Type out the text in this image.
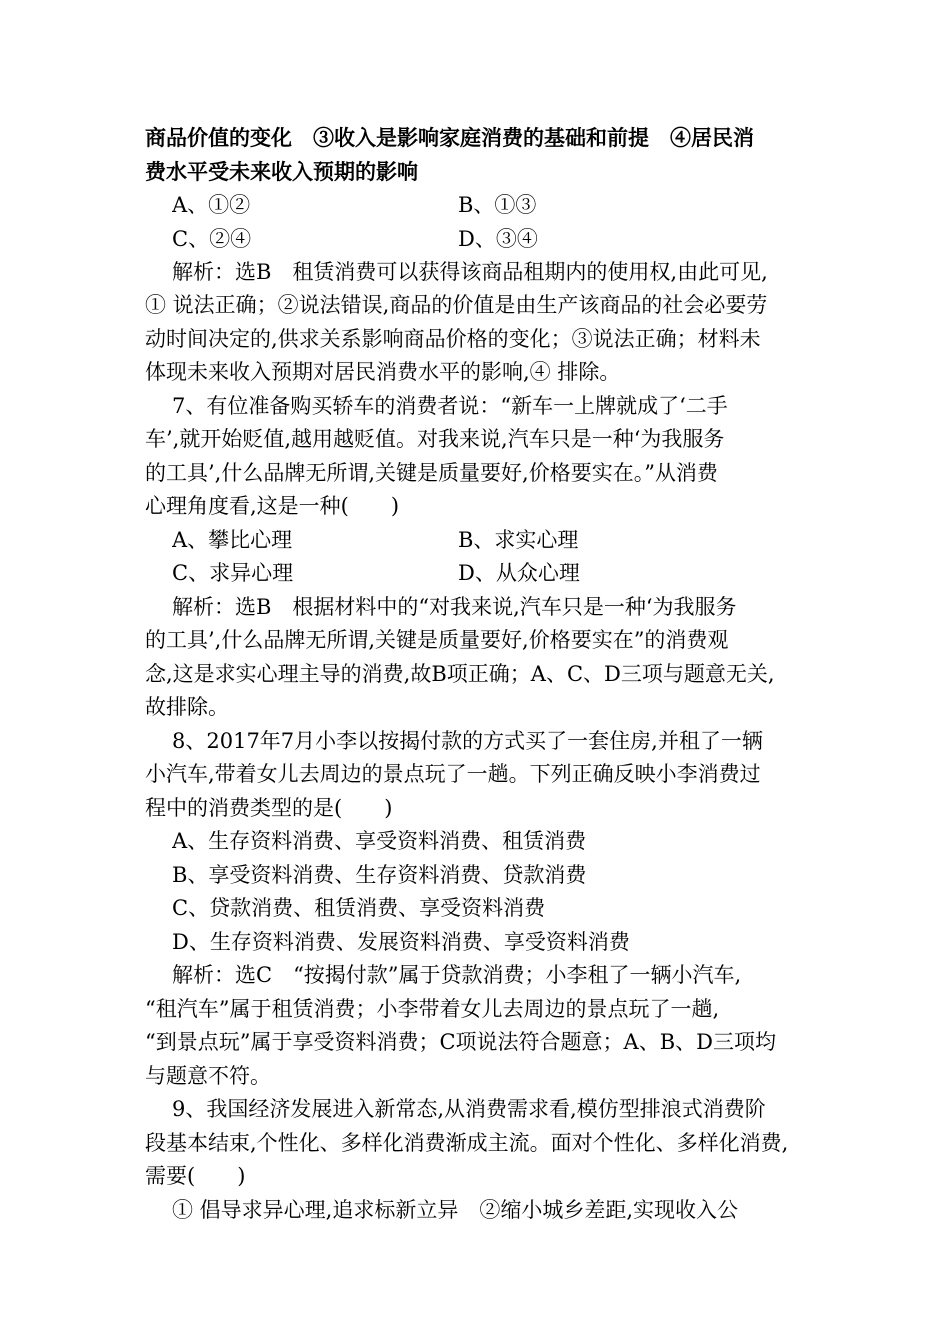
商品价值的变化　③收入是影响家庭消费的基础和前提　④居民消
费水平受未来收入预期的影响
A、①②	B、①③
C、②④	D、③④
解析：选B　租赁消费可以获得该商品租期内的使用权,由此可见,
① 说法正确；②说法错误,商品的价值是由生产该商品的社会必要劳
动时间决定的,供求关系影响商品价格的变化；③说法正确；材料未
体现未来收入预期对居民消费水平的影响,④ 排除。
7、有位准备购买轿车的消费者说：“新车一上牌就成了‘二手
车’,就开始贬值,越用越贬值。对我来说,汽车只是一种‘为我服务
的工具’,什么品牌无所谓,关键是质量要好,价格要实在。”从消费
心理角度看,这是一种(　　)
A、攀比心理	B、求实心理
C、求异心理	D、从众心理
解析：选B　根据材料中的“对我来说,汽车只是一种‘为我服务
的工具’,什么品牌无所谓,关键是质量要好,价格要实在”的消费观
念,这是求实心理主导的消费,故B项正确；A、C、D三项与题意无关,
故排除。
8、2017年7月小李以按揭付款的方式买了一套住房,并租了一辆
小汽车,带着女儿去周边的景点玩了一趟。下列正确反映小李消费过
程中的消费类型的是(　　)
A、生存资料消费、享受资料消费、租赁消费
B、享受资料消费、生存资料消费、贷款消费
C、贷款消费、租赁消费、享受资料消费
D、生存资料消费、发展资料消费、享受资料消费
解析：选C　“按揭付款”属于贷款消费；小李租了一辆小汽车,
“租汽车”属于租赁消费；小李带着女儿去周边的景点玩了一趟,
“到景点玩”属于享受资料消费；C项说法符合题意；A、B、D三项均
与题意不符。
9、我国经济发展进入新常态,从消费需求看,模仿型排浪式消费阶
段基本结束,个性化、多样化消费渐成主流。面对个性化、多样化消费,
需要(　　)
① 倡导求异心理,追求标新立异　②缩小城乡差距,实现收入公
